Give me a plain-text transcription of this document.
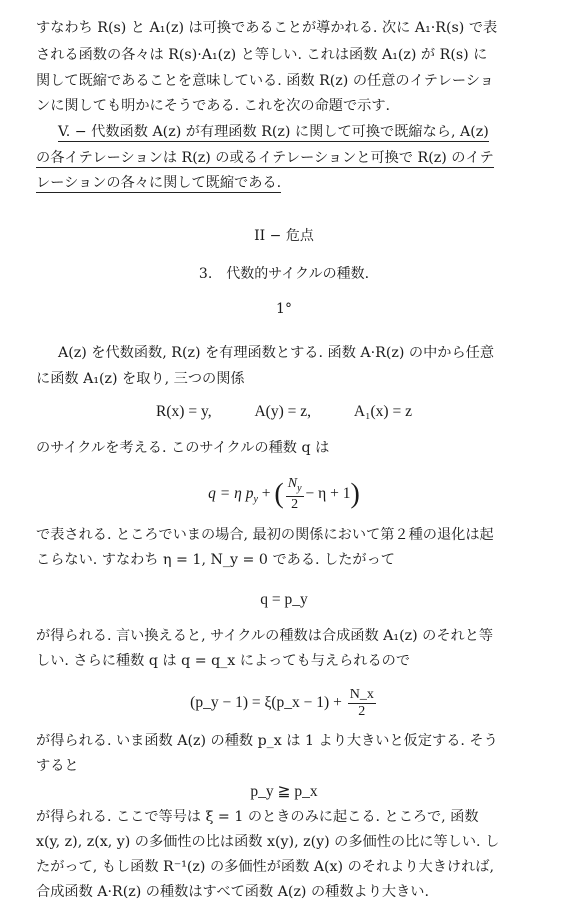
すなわち R(s) と A₁(z) は可換であることが導かれる. 次に A₁·R(s) で表
される函数の各々は R(s)·A₁(z) と等しい. これは函数 A₁(z) が R(s) に
関して既縮であることを意味している. 函数 R(z) の任意のイテレーショ
ンに関しても明かにそうである. これを次の命題で示す.
V. − 代数函数 A(z) が有理函数 R(z) に関して可換で既縮なら, A(z)
の各イテレーションは R(z) の或るイテレーションと可換で R(z) のイテ
レーションの各々に関して既縮である.
II − 危点
3.　代数的サイクルの種数.
1°
A(z) を代数函数, R(z) を有理函数とする. 函数 A·R(z) の中から任意
に函数 A₁(z) を取り, 三つの関係
R(x) = y,	A(y) = z,	A₁(x) = z
のサイクルを考える. このサイクルの種数 q は
q = η $p_y$ + ( $\frac{N_y}{2} - \eta + 1$)
で表される. ところでいまの場合, 最初の関係において第２種の退化は起
こらない. すなわち η = 1, N_y = 0 である. したがって
q = p_y
が得られる. 言い換えると, サイクルの種数は合成函数 A₁(z) のそれと等
しい. さらに種数 q は q = q_x によっても与えられるので
(p_y − 1) = ξ(p_x − $1) + \frac{N\_x}{2}$
が得られる. いま函数 A(z) の種数 p_x は 1 より大きいと仮定する. そう
すると
p_y ≧ p_x
が得られる. ここで等号は ξ = 1 のときのみに起こる. ところで, 函数
x(y, z), z(x, y) の多価性の比は函数 x(y), z(y) の多価性の比に等しい. し
たがって, もし函数 R⁻¹(z) の多価性が函数 A(x) のそれより大きければ,
合成函数 A·R(z) の種数はすべて函数 A(z) の種数より大きい.
